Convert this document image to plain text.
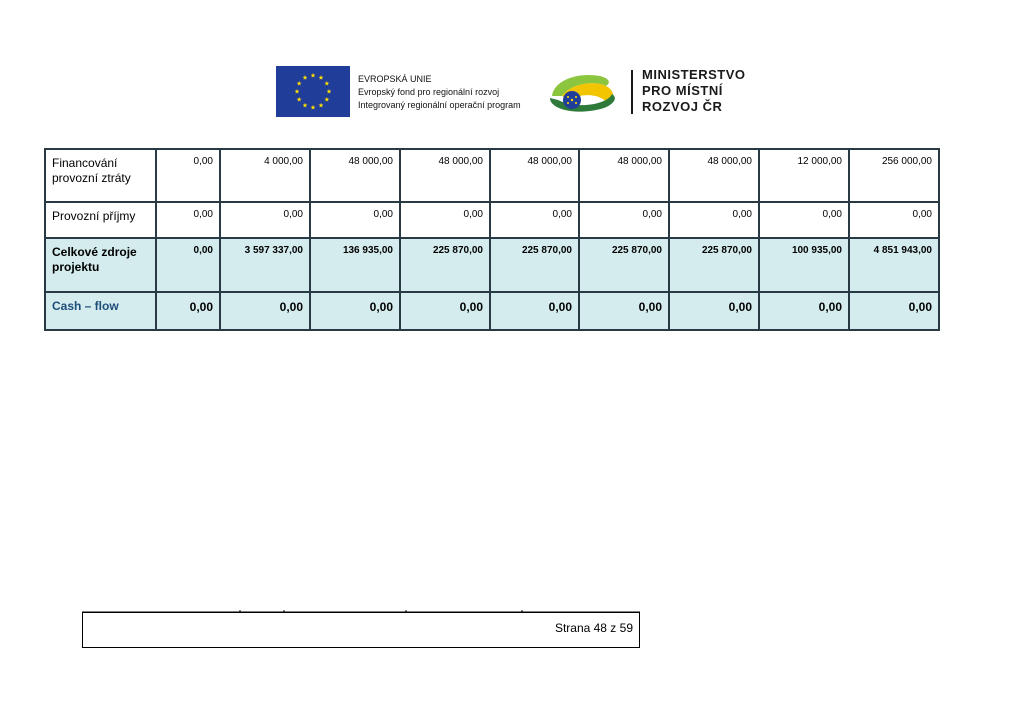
EVROPSKÁ UNIE
Evropský fond pro regionální rozvoj
Integrovaný regionální operační program
MINISTERSTVO
PRO MÍSTNÍ
ROZVOJ ČR
Financování provozní ztráty	0,00	4 000,00	48 000,00	48 000,00	48 000,00	48 000,00	48 000,00	12 000,00	256 000,00
Provozní příjmy	0,00	0,00	0,00	0,00	0,00	0,00	0,00	0,00	0,00
Celkové zdroje projektu	0,00	3 597 337,00	136 935,00	225 870,00	225 870,00	225 870,00	225 870,00	100 935,00	4 851 943,00
Cash – flow	0,00	0,00	0,00	0,00	0,00	0,00	0,00	0,00	0,00
Strana 48 z 59
